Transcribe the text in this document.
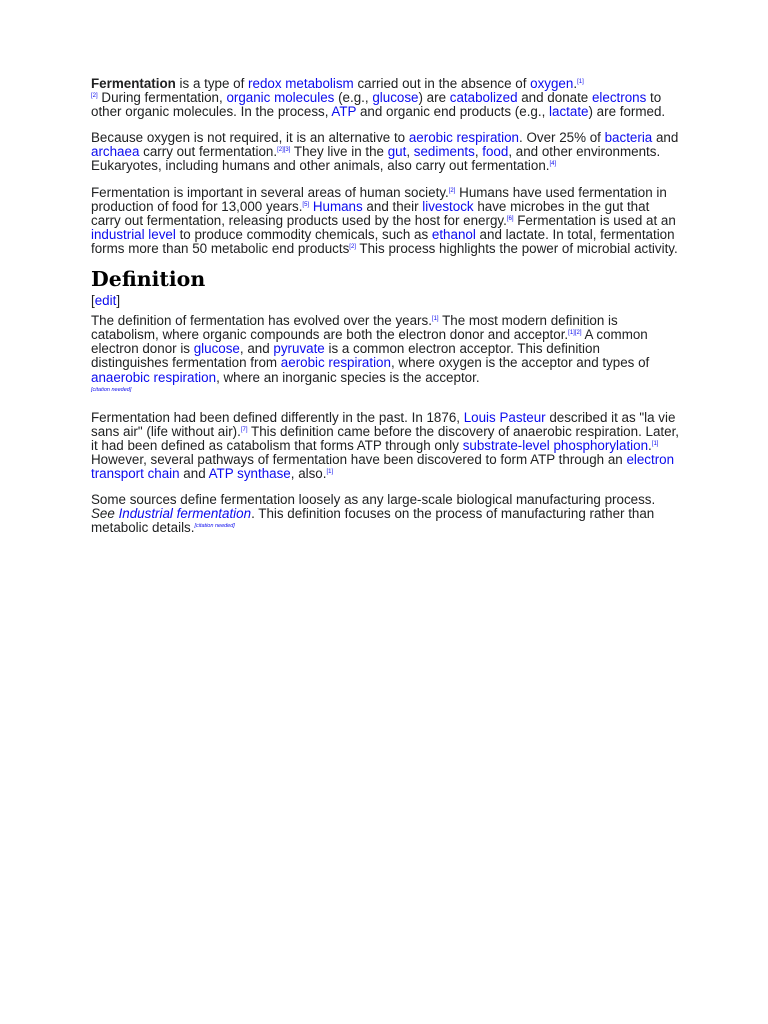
Fermentation is a type of redox metabolism carried out in the absence of oxygen.[1]
[2] During fermentation, organic molecules (e.g., glucose) are catabolized and donate electrons to other organic molecules. In the process, ATP and organic end products (e.g., lactate) are formed.

Because oxygen is not required, it is an alternative to aerobic respiration. Over 25% of bacteria and archaea carry out fermentation.[2][3] They live in the gut, sediments, food, and other environments. Eukaryotes, including humans and other animals, also carry out fermentation.[4]

Fermentation is important in several areas of human society.[2] Humans have used fermentation in production of food for 13,000 years.[5] Humans and their livestock have microbes in the gut that carry out fermentation, releasing products used by the host for energy.[6] Fermentation is used at an industrial level to produce commodity chemicals, such as ethanol and lactate. In total, fermentation forms more than 50 metabolic end products[2] This process highlights the power of microbial activity.

Definition
[edit]

The definition of fermentation has evolved over the years.[1] The most modern definition is catabolism, where organic compounds are both the electron donor and acceptor.[1][2] A common electron donor is glucose, and pyruvate is a common electron acceptor. This definition distinguishes fermentation from aerobic respiration, where oxygen is the acceptor and types of anaerobic respiration, where an inorganic species is the acceptor.
[citation needed]

Fermentation had been defined differently in the past. In 1876, Louis Pasteur described it as "la vie sans air" (life without air).[7] This definition came before the discovery of anaerobic respiration. Later, it had been defined as catabolism that forms ATP through only substrate-level phosphorylation.[1] However, several pathways of fermentation have been discovered to form ATP through an electron transport chain and ATP synthase, also.[1]

Some sources define fermentation loosely as any large-scale biological manufacturing process. See Industrial fermentation. This definition focuses on the process of manufacturing rather than metabolic details.[citation needed]
